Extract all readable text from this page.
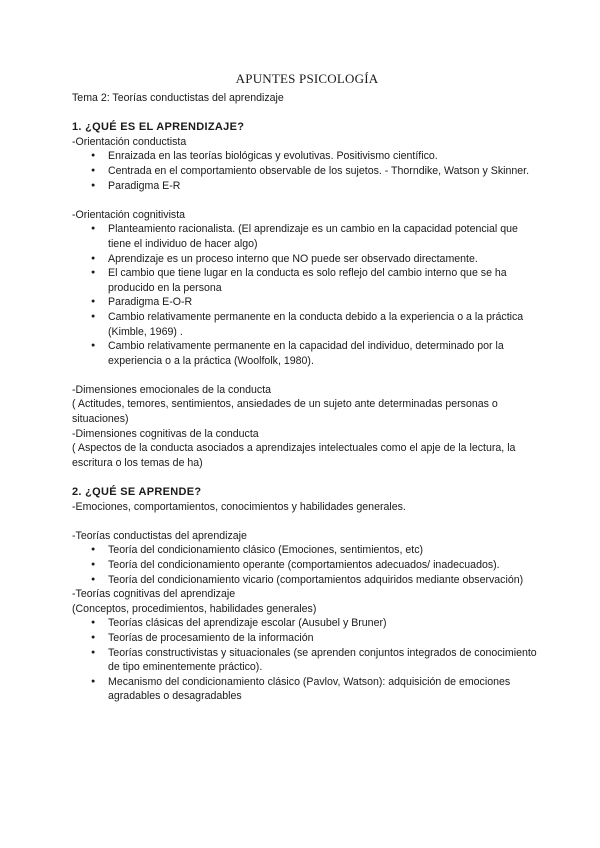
APUNTES PSICOLOGÍA

Tema 2: Teorías conductistas del aprendizaje

1. ¿QUÉ ES EL APRENDIZAJE?

-Orientación conductista

● Enraizada en las teorías biológicas y evolutivas. Positivismo científico.
● Centrada en el comportamiento observable de los sujetos. - Thorndike, Watson y Skinner.
● Paradigma E-R

-Orientación cognitivista

● Planteamiento racionalista. (El aprendizaje es un cambio en la capacidad potencial que tiene el individuo de hacer algo)
● Aprendizaje es un proceso interno que NO puede ser observado directamente.
● El cambio que tiene lugar en la conducta es solo reflejo del cambio interno que se ha producido en la persona
● Paradigma E-O-R
● Cambio relativamente permanente en la conducta debido a la experiencia o a la práctica (Kimble, 1969) .
● Cambio relativamente permanente en la capacidad del individuo, determinado por la experiencia o a la práctica (Woolfolk, 1980).

-Dimensiones emocionales de la conducta

( Actitudes, temores, sentimientos, ansiedades de un sujeto ante determinadas personas o situaciones)

-Dimensiones cognitivas de la conducta

( Aspectos de la conducta asociados a aprendizajes intelectuales como el apje de la lectura, la escritura o los temas de ha)

2. ¿QUÉ SE APRENDE?

-Emociones, comportamientos, conocimientos y habilidades generales.

-Teorías conductistas del aprendizaje

● Teoría del condicionamiento clásico (Emociones, sentimientos, etc)
● Teoría del condicionamiento operante (comportamientos adecuados/ inadecuados).
● Teoría del condicionamiento vicario (comportamientos adquiridos mediante observación)

-Teorías cognitivas del aprendizaje

(Conceptos, procedimientos, habilidades generales)

● Teorías clásicas del aprendizaje escolar (Ausubel y Bruner)
● Teorías de procesamiento de la información
● Teorías constructivistas y situacionales (se aprenden conjuntos integrados de conocimiento de tipo eminentemente práctico).
● Mecanismo del condicionamiento clásico (Pavlov, Watson): adquisición de emociones agradables o desagradables
